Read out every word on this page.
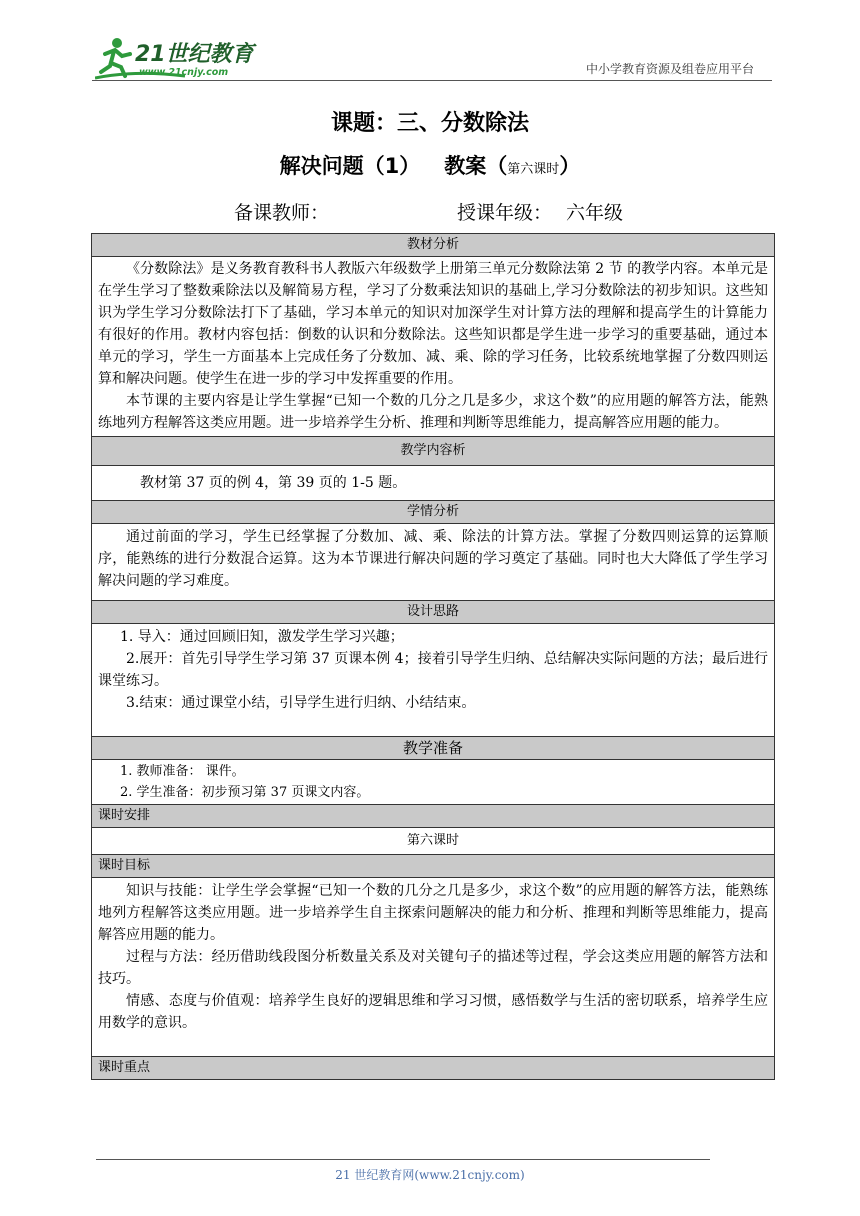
21世纪教育
www.21cnjy.com	中小学教育资源及组卷应用平台
课题：三、分数除法
解决问题（1） 教案（第六课时）
备课教师：	授课年级： 六年级
教材分析

《分数除法》是义务教育教科书人教版六年级数学上册第三单元分数除法第 2 节 的教学内容。本单元是在学生学习了整数乘除法以及解简易方程，学习了分数乘法知识的基础上,学习分数除法的初步知识。这些知识为学生学习分数除法打下了基础，学习本单元的知识对加深学生对计算方法的理解和提高学生的计算能力有很好的作用。教材内容包括：倒数的认识和分数除法。这些知识都是学生进一步学习的重要基础，通过本单元的学习，学生一方面基本上完成任务了分数加、减、乘、除的学习任务，比较系统地掌握了分数四则运算和解决问题。使学生在进一步的学习中发挥重要的作用。

本节课的主要内容是让学生掌握“已知一个数的几分之几是多少，求这个数”的应用题的解答方法，能熟练地列方程解答这类应用题。进一步培养学生分析、推理和判断等思维能力，提高解答应用题的能力。

教学内容析

教材第 37 页的例 4，第 39 页的 1-5 题。

学情分析

通过前面的学习，学生已经掌握了分数加、减、乘、除法的计算方法。掌握了分数四则运算的运算顺序，能熟练的进行分数混合运算。这为本节课进行解决问题的学习奠定了基础。同时也大大降低了学生学习解决问题的学习难度。

设计思路

1. 导入：通过回顾旧知，激发学生学习兴趣；

2.展开：首先引导学生学习第 37 页课本例 4；接着引导学生归纳、总结解决实际问题的方法；最后进行课堂练习。

3.结束：通过课堂小结，引导学生进行归纳、小结结束。

教学准备

1. 教师准备： 课件。

2. 学生准备：初步预习第 37 页课文内容。

课时安排
第六课时
课时目标

知识与技能：让学生学会掌握“已知一个数的几分之几是多少，求这个数”的应用题的解答方法，能熟练地列方程解答这类应用题。进一步培养学生自主探索问题解决的能力和分析、推理和判断等思维能力，提高解答应用题的能力。

过程与方法：经历借助线段图分析数量关系及对关键句子的描述等过程，学会这类应用题的解答方法和技巧。

情感、态度与价值观：培养学生良好的逻辑思维和学习习惯，感悟数学与生活的密切联系，培养学生应用数学的意识。

课时重点
21 世纪教育网(www.21cnjy.com)
